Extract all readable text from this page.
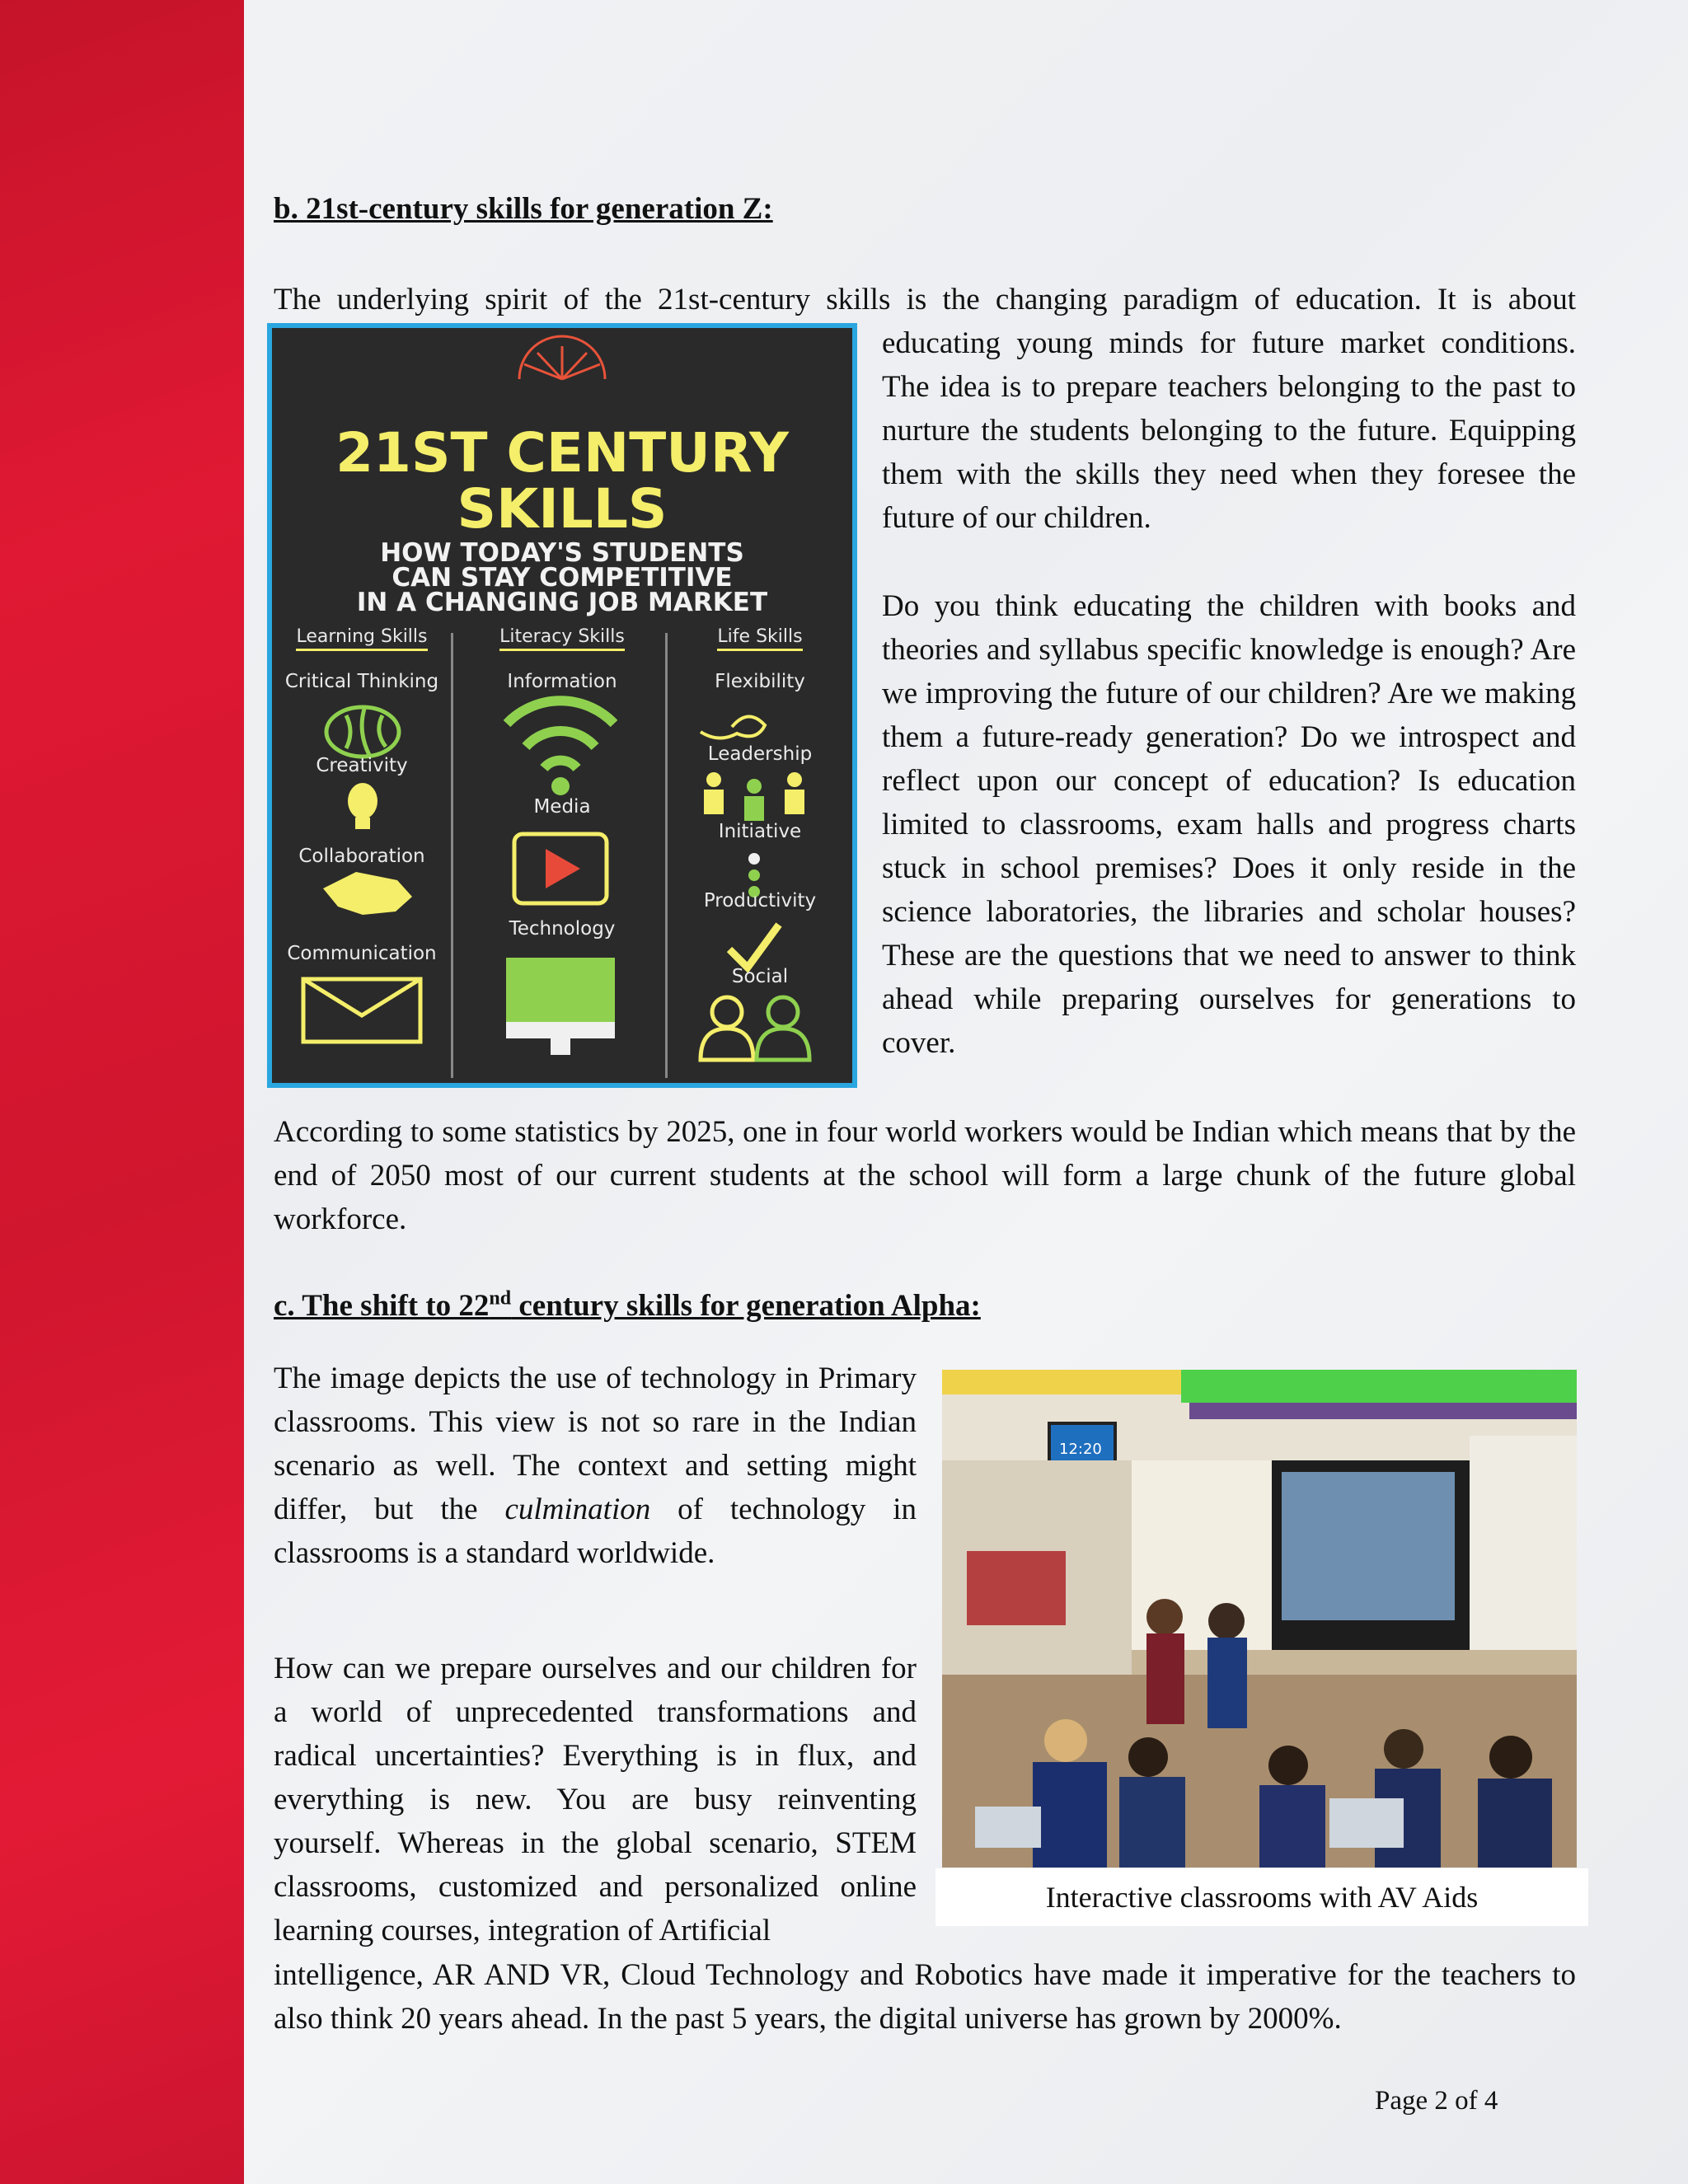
b. 21st-century skills for generation Z:

The underlying spirit of the 21st-century skills is the changing paradigm of education. It is about

educating young minds for future market conditions. The idea is to prepare teachers belonging to the past to nurture the students belonging to the future. Equipping them with the skills they need when they foresee the future of our children.

Do you think educating the children with books and theories and syllabus specific knowledge is enough? Are we improving the future of our children? Are we making them a future-ready generation? Do we introspect and reflect upon our concept of education? Is education limited to classrooms, exam halls and progress charts stuck in school premises? Does it only reside in the science laboratories, the libraries and scholar houses? These are the questions that we need to answer to think ahead while preparing ourselves for generations to cover.

21ST CENTURY
SKILLS
HOW TODAY'S STUDENTS
CAN STAY COMPETITIVE
IN A CHANGING JOB MARKET
Learning Skills	Literacy Skills	Life Skills
Critical Thinking
Creativity
Collaboration
Communication
Information
Media
Technology
Flexibility
Leadership
Initiative
Productivity
Social

According to some statistics by 2025, one in four world workers would be Indian which means that by the end of 2050 most of our current students at the school will form a large chunk of the future global workforce.

c. The shift to 22nd century skills for generation Alpha:

The image depicts the use of technology in Primary classrooms. This view is not so rare in the Indian scenario as well. The context and setting might differ, but the culmination of technology in classrooms is a standard worldwide.

How can we prepare ourselves and our children for a world of unprecedented transformations and radical uncertainties? Everything is in flux, and everything is new. You are busy reinventing yourself. Whereas in the global scenario, STEM classrooms, customized and personalized online learning courses, integration of Artificial

12:20
Interactive classrooms with AV Aids

intelligence, AR AND VR, Cloud Technology and Robotics have made it imperative for the teachers to also think 20 years ahead. In the past 5 years, the digital universe has grown by 2000%.

Page 2 of 4
